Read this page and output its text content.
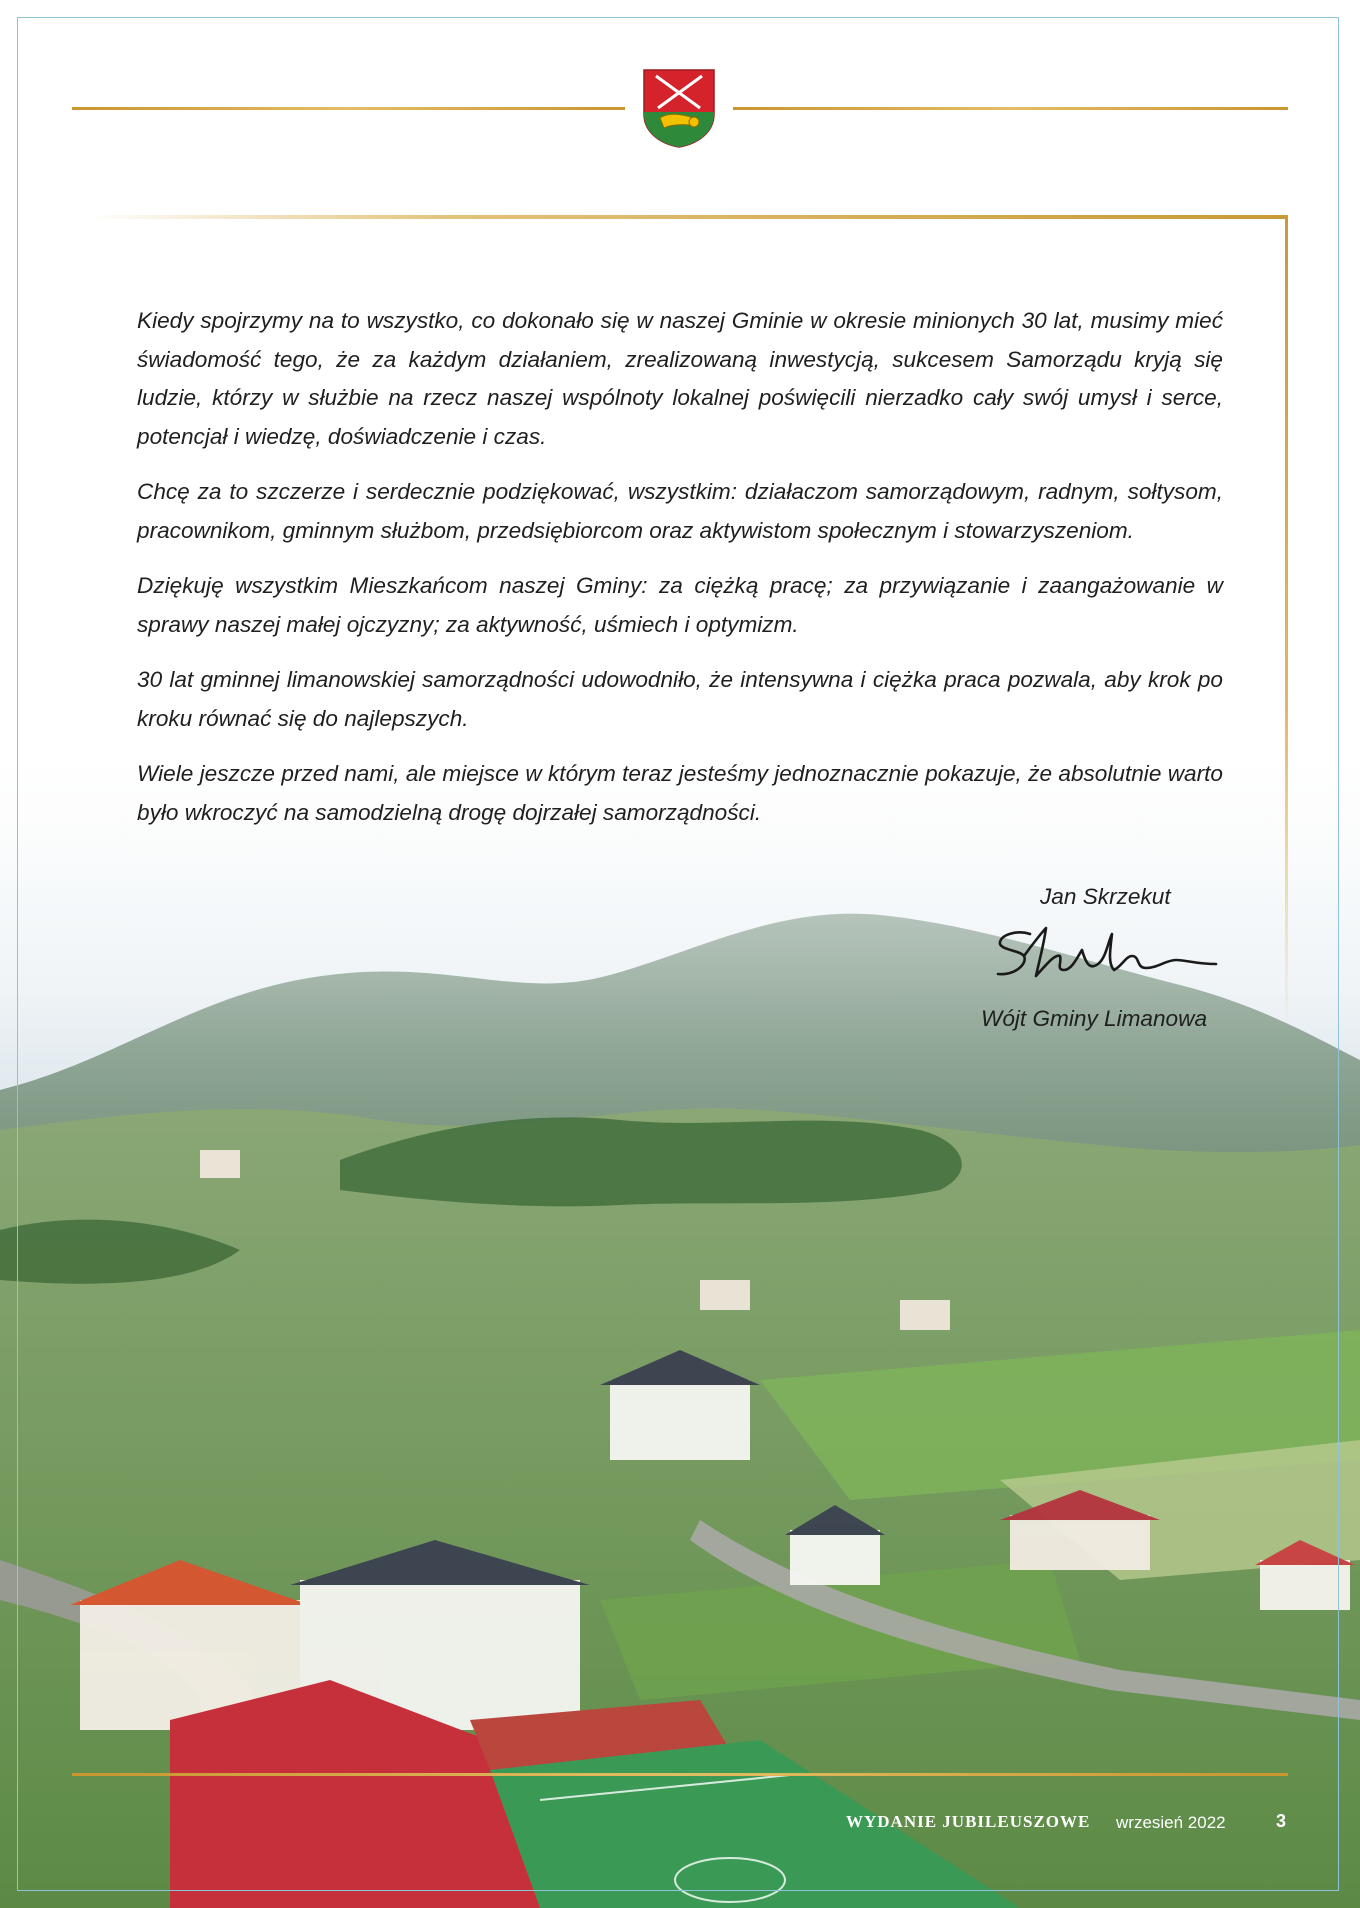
Kiedy spojrzymy na to wszystko, co dokonało się w naszej Gminie w okresie minionych 30 lat, musimy mieć świadomość tego, że za każdym działaniem, zrealizowaną inwestycją, sukcesem Samorządu kryją się ludzie, którzy w służbie na rzecz naszej wspólnoty lokalnej poświęcili nierzadko cały swój umysł i serce, potencjał i wiedzę, doświadczenie i czas.

Chcę za to szczerze i serdecznie podziękować, wszystkim: działaczom samorządowym, radnym, sołtysom, pracownikom, gminnym służbom, przedsiębiorcom oraz aktywistom społecznym i stowarzyszeniom.

Dziękuję wszystkim Mieszkańcom naszej Gminy: za ciężką pracę; za przywiązanie i zaangażowanie w sprawy naszej małej ojczyzny; za aktywność, uśmiech i optymizm.

30 lat gminnej limanowskiej samorządności udowodniło, że intensywna i ciężka praca pozwala, aby krok po kroku równać się do najlepszych.

Wiele jeszcze przed nami, ale miejsce w którym teraz jesteśmy jednoznacznie pokazuje, że absolutnie warto było wkroczyć na samodzielną drogę dojrzałej samorządności.

Jan Skrzekut
Wójt Gminy Limanowa
WYDANIE JUBILEUSZOWE wrzesień 2022	3
